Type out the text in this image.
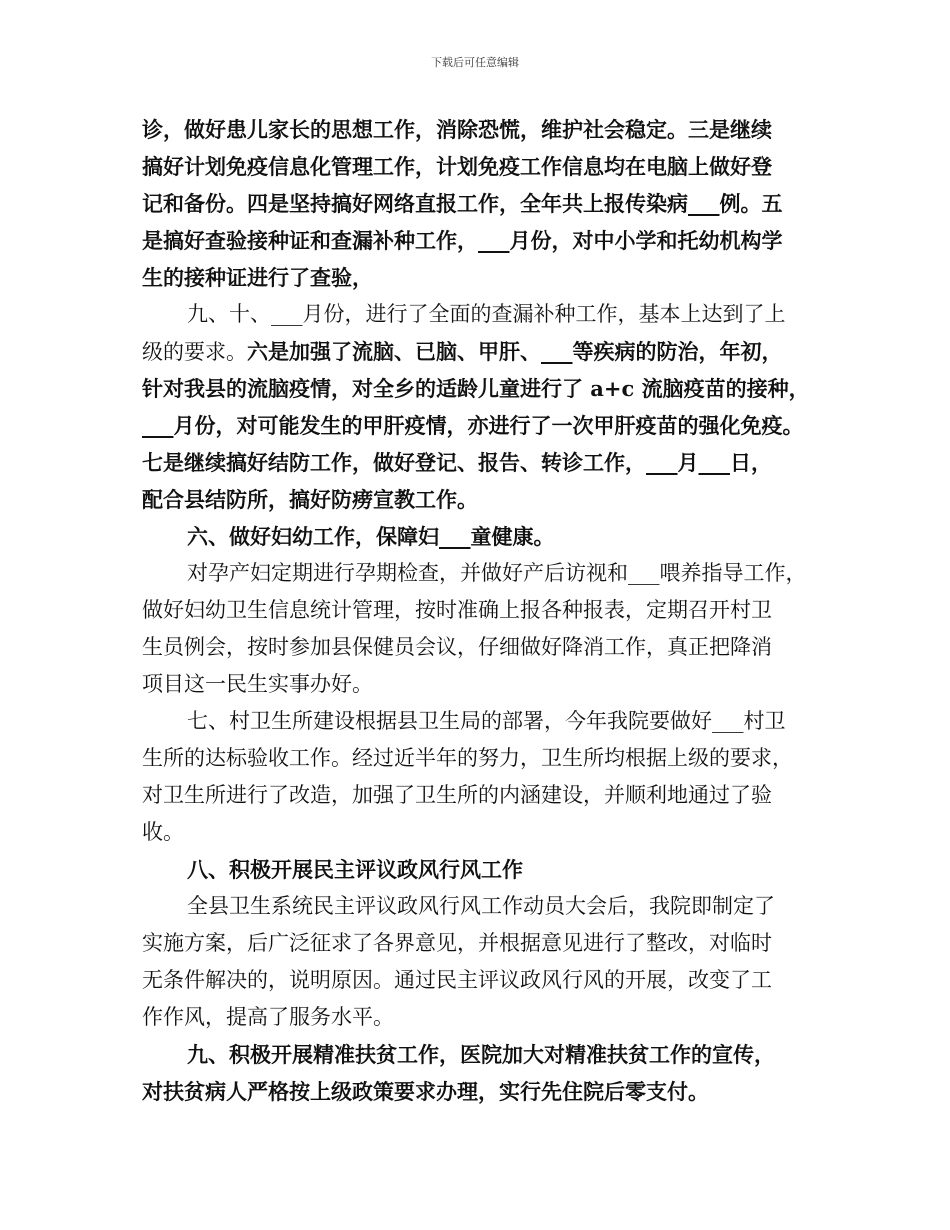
下载后可任意编辑
诊，做好患儿家长的思想工作，消除恐慌，维护社会稳定。三是继续
搞好计划免疫信息化管理工作，计划免疫工作信息均在电脑上做好登
记和备份。四是坚持搞好网络直报工作，全年共上报传染病___例。五
是搞好查验接种证和查漏补种工作，___月份，对中小学和托幼机构学
生的接种证进行了查验，
九、十、___月份，进行了全面的查漏补种工作，基本上达到了上
级的要求。六是加强了流脑、已脑、甲肝、___等疾病的防治，年初，
针对我县的流脑疫情，对全乡的适龄儿童进行了 a+c 流脑疫苗的接种，
___月份，对可能发生的甲肝疫情，亦进行了一次甲肝疫苗的强化免疫。
七是继续搞好结防工作，做好登记、报告、转诊工作，___月___日，
配合县结防所，搞好防痨宣教工作。
六、做好妇幼工作，保障妇___童健康。
对孕产妇定期进行孕期检查，并做好产后访视和___喂养指导工作，
做好妇幼卫生信息统计管理，按时准确上报各种报表，定期召开村卫
生员例会，按时参加县保健员会议，仔细做好降消工作，真正把降消
项目这一民生实事办好。
七、村卫生所建设根据县卫生局的部署，今年我院要做好___村卫
生所的达标验收工作。经过近半年的努力，卫生所均根据上级的要求，
对卫生所进行了改造，加强了卫生所的内涵建设，并顺利地通过了验
收。
八、积极开展民主评议政风行风工作
全县卫生系统民主评议政风行风工作动员大会后，我院即制定了
实施方案，后广泛征求了各界意见，并根据意见进行了整改，对临时
无条件解决的，说明原因。通过民主评议政风行风的开展，改变了工
作作风，提高了服务水平。
九、积极开展精准扶贫工作，医院加大对精准扶贫工作的宣传，
对扶贫病人严格按上级政策要求办理，实行先住院后零支付。
